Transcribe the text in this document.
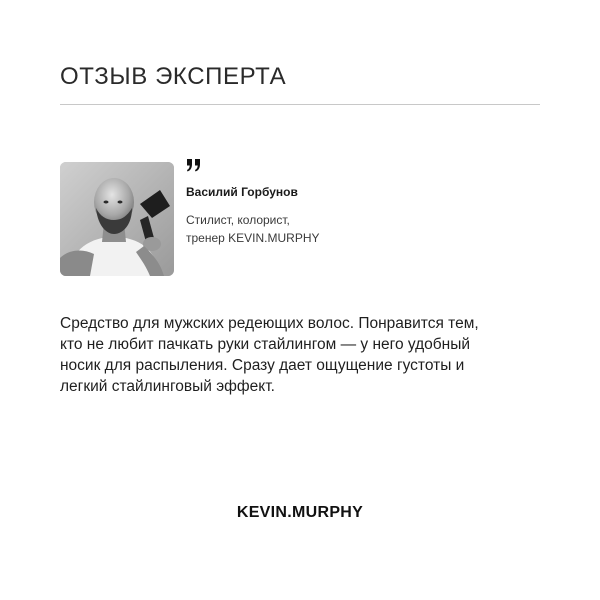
ОТЗЫВ ЭКСПЕРТА

Василий Горбунов

Стилист, колорист,
тренер KEVIN.MURPHY

Средство для мужских редеющих волос. Понравится тем,
кто не любит пачкать руки стайлингом — у него удобный
носик для распыления. Сразу дает ощущение густоты и
легкий стайлинговый эффект.

KEVIN.MURPHY
